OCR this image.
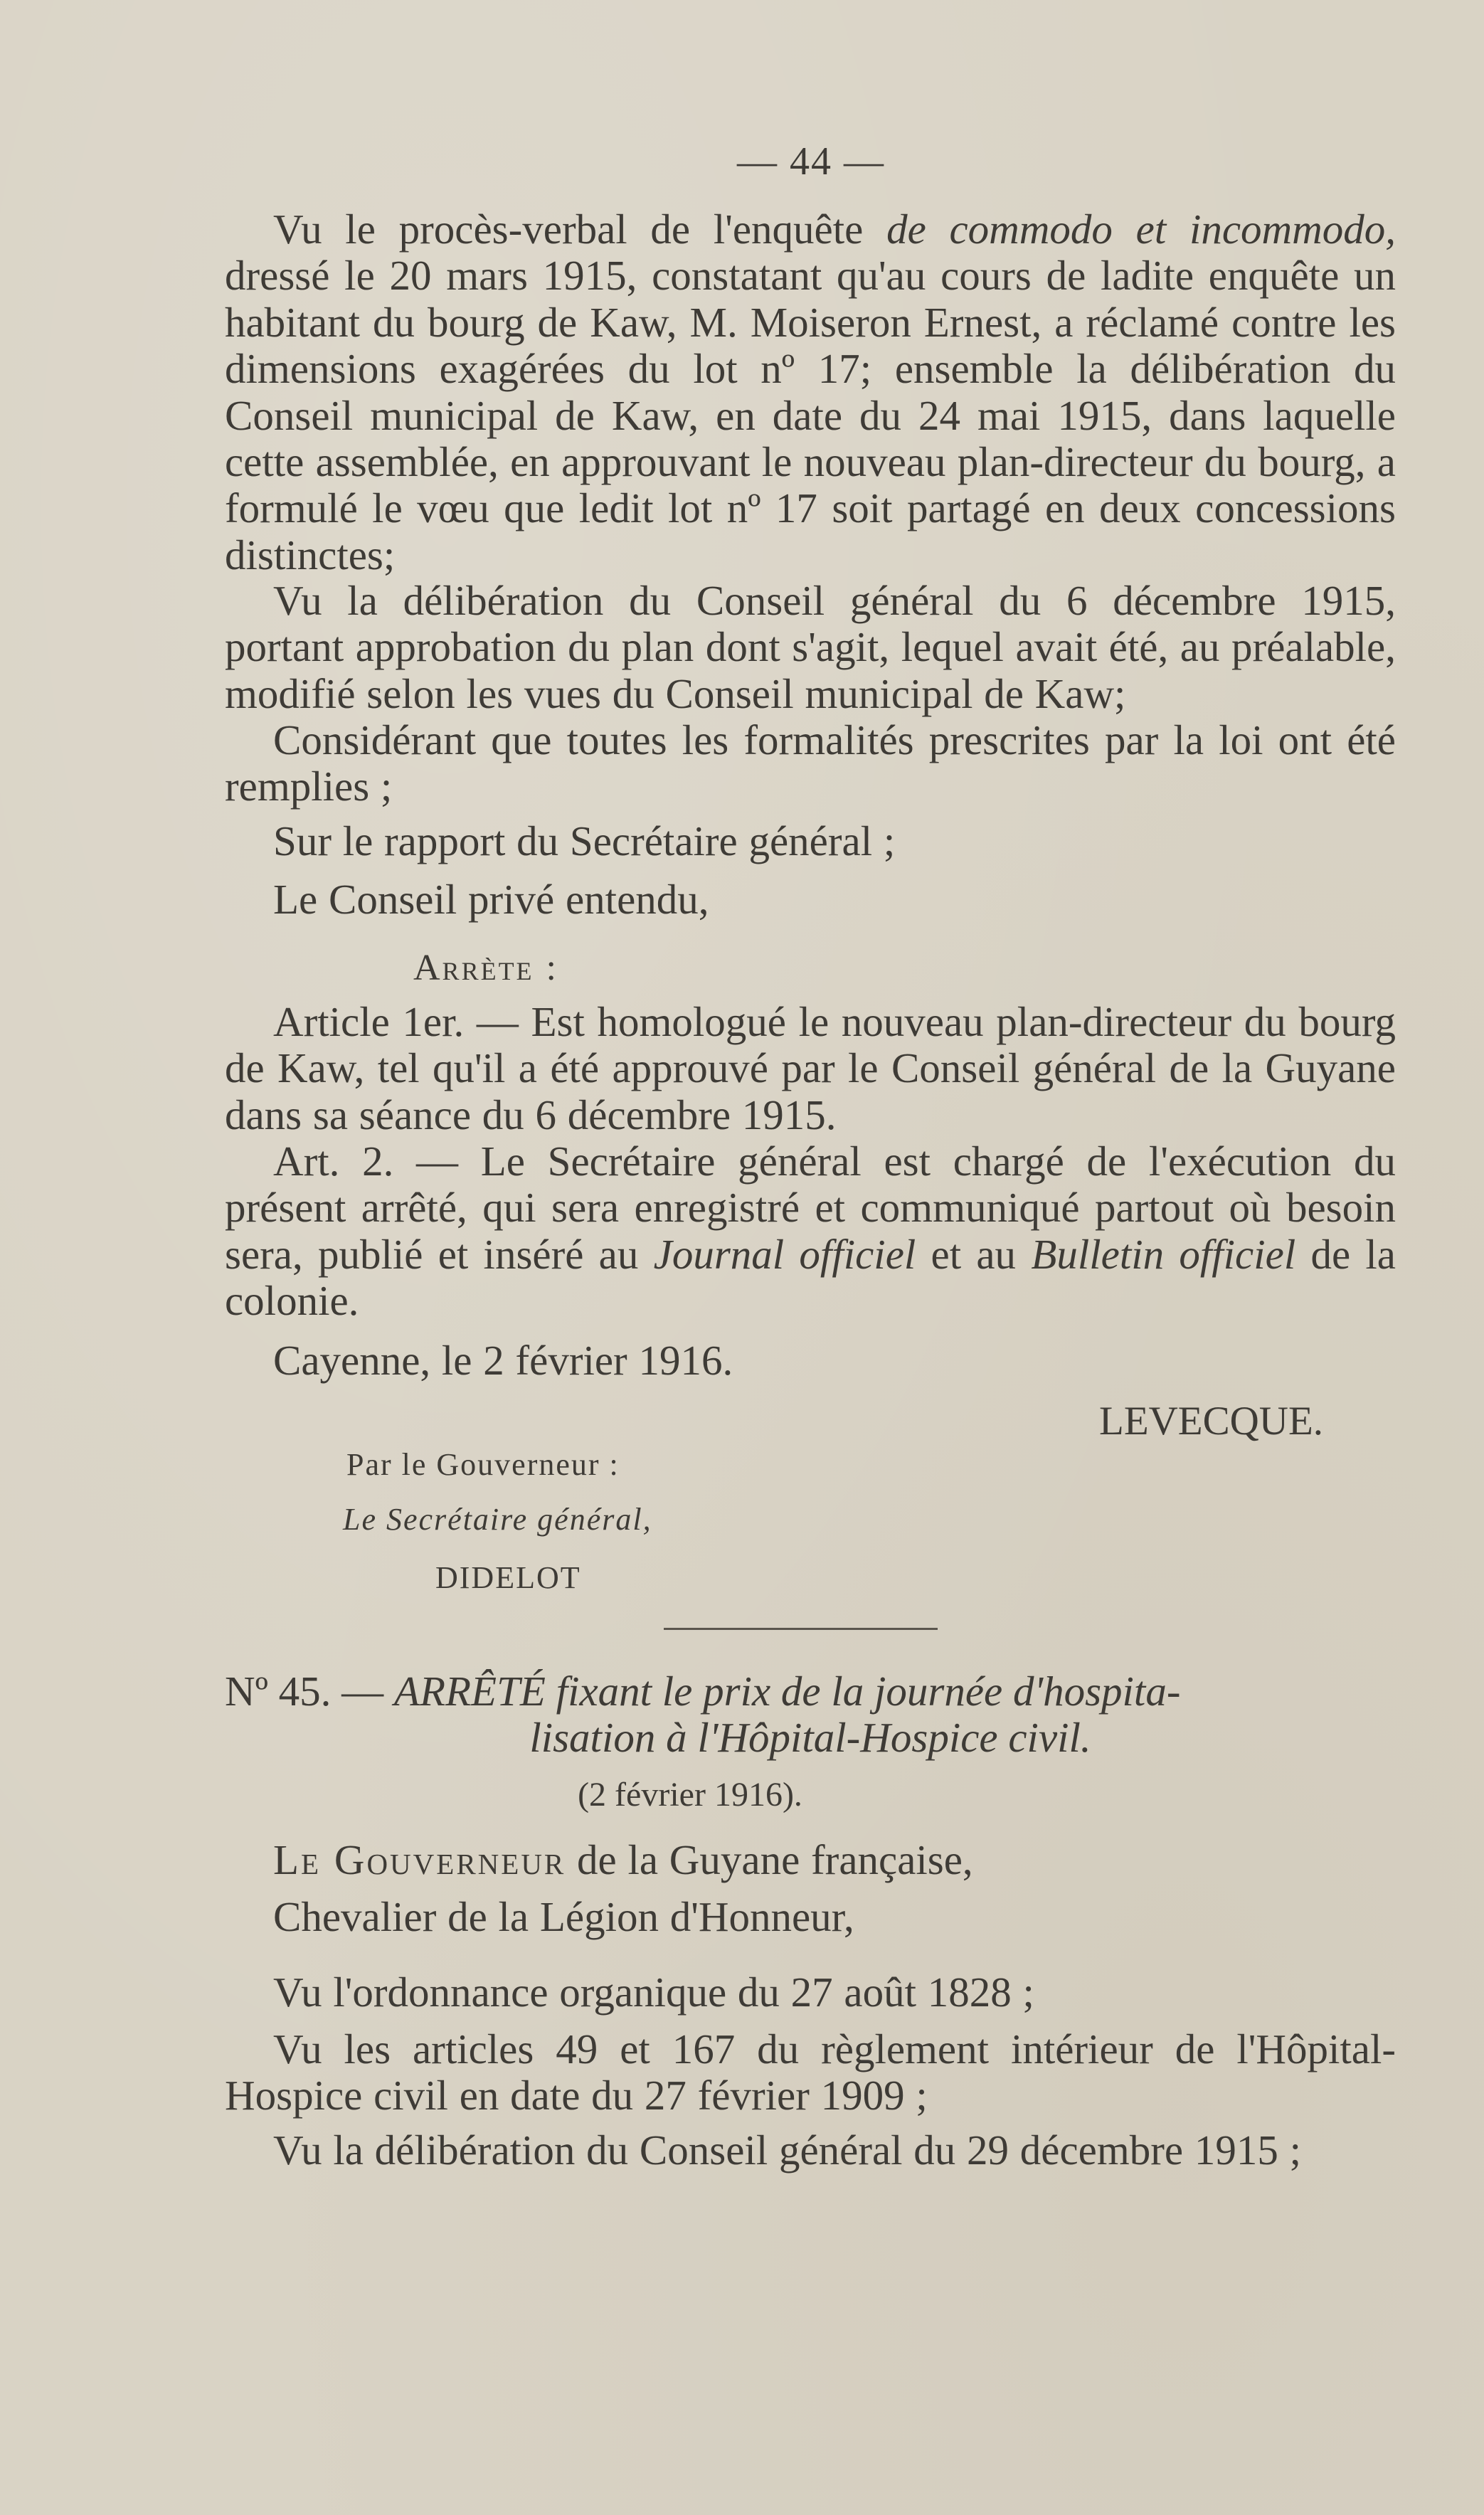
— 44 —
Vu le procès-verbal de l'enquête de commodo et incommodo, dressé le 20 mars 1915, constatant qu'au cours de ladite enquête un habitant du bourg de Kaw, M. Moiseron Ernest, a réclamé contre les dimensions exagérées du lot nº 17; ensemble la délibération du Conseil municipal de Kaw, en date du 24 mai 1915, dans laquelle cette assemblée, en approuvant le nouveau plan-directeur du bourg, a formulé le vœu que ledit lot nº 17 soit partagé en deux concessions distinctes;
Vu la délibération du Conseil général du 6 décembre 1915, portant approbation du plan dont s'agit, lequel avait été, au préalable, modifié selon les vues du Conseil municipal de Kaw;
Considérant que toutes les formalités prescrites par la loi ont été remplies ;
Sur le rapport du Secrétaire général ;
Le Conseil privé entendu,
Arrète :
Article 1er. — Est homologué le nouveau plan-directeur du bourg de Kaw, tel qu'il a été approuvé par le Conseil général de la Guyane dans sa séance du 6 décembre 1915.
Art. 2. — Le Secrétaire général est chargé de l'exécution du présent arrêté, qui sera enregistré et communiqué partout où besoin sera, publié et inséré au Journal officiel et au Bulletin officiel de la colonie.
Cayenne, le 2 février 1916.
LEVECQUE.
Par le Gouverneur :
Le Secrétaire général,
DIDELOT
Nº 45. — ARRÊTÉ fixant le prix de la journée d'hospita-
lisation à l'Hôpital-Hospice civil.
(2 février 1916).
Le Gouverneur de la Guyane française,
Chevalier de la Légion d'Honneur,
Vu l'ordonnance organique du 27 août 1828 ;
Vu les articles 49 et 167 du règlement intérieur de l'Hôpital-Hospice civil en date du 27 février 1909 ;
Vu la délibération du Conseil général du 29 décembre 1915 ;
